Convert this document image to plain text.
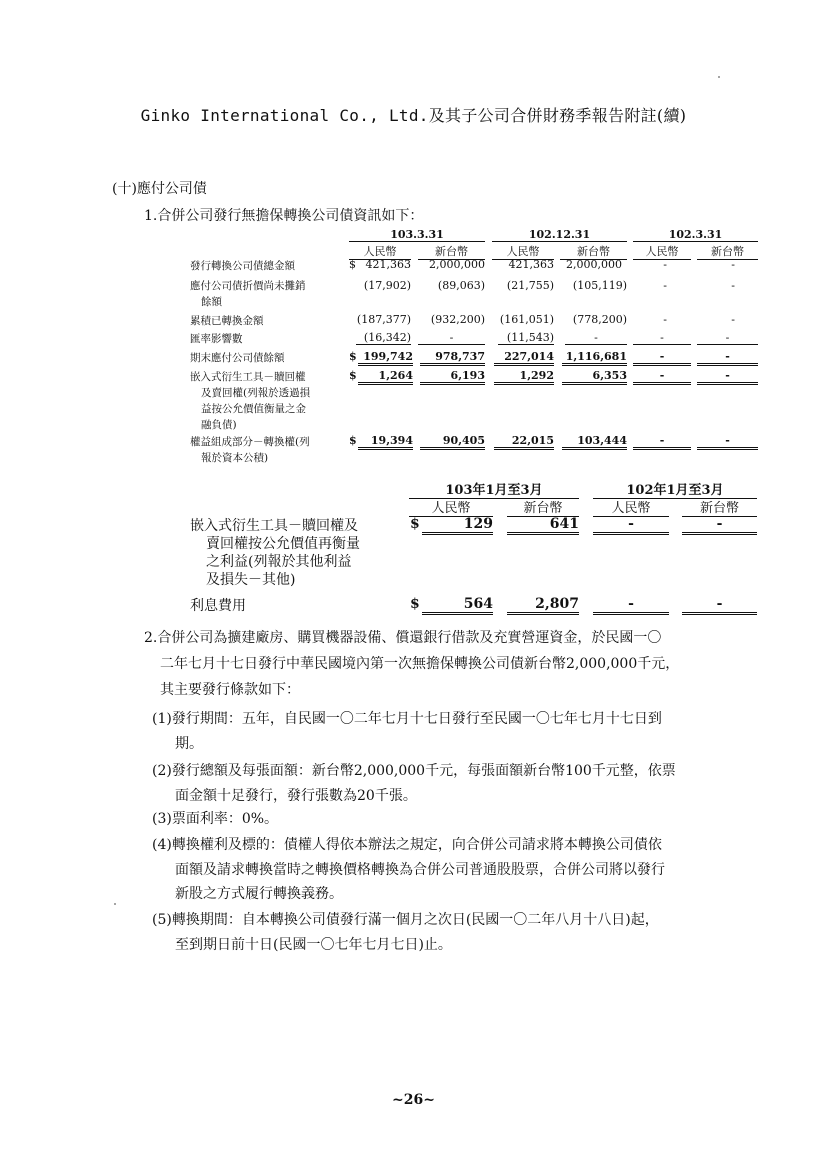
Ginko International Co., Ltd.及其子公司合併財務季報告附註(續)
(十)應付公司債
1.合併公司發行無擔保轉換公司債資訊如下：
103.3.31	102.12.31	102.3.31
人民幣	新台幣	人民幣	新台幣	人民幣	新台幣
發行轉換公司債總金額	$ 421,363	2,000,000	421,363	2,000,000	-	-
應付公司債折價尚未攤銷
餘額
(17,902)	(89,063)	(21,755)	(105,119)	-	-
累積已轉換金額	(187,377)	(932,200)	(161,051)	(778,200)	-	-
匯率影響數	(16,342)	-	(11,543)	-	-	-
期末應付公司債餘額	$ 199,742	978,737	227,014	1,116,681	-	-
嵌入式衍生工具－贖回權
及賣回權(列報於透過損
益按公允價值衡量之金
融負債)
$	1,264	6,193	1,292	6,353	-	-
權益組成部分－轉換權(列
報於資本公積)
$	19,394	90,405	22,015	103,444	-	-
103年1月至3月	102年1月至3月
人民幣	新台幣	人民幣	新台幣
嵌入式衍生工具－贖回權及
賣回權按公允價值再衡量
之利益(列報於其他利益
及損失－其他)
$	129	641	-	-
利息費用	$	564	2,807	-	-
2.合併公司為擴建廠房、購買機器設備、償還銀行借款及充實營運資金，於民國一〇
二年七月十七日發行中華民國境內第一次無擔保轉換公司債新台幣2,000,000千元，
其主要發行條款如下：
(1)發行期間：五年，自民國一〇二年七月十七日發行至民國一〇七年七月十七日到
期。
(2)發行總額及每張面額：新台幣2,000,000千元，每張面額新台幣100千元整，依票
面金額十足發行，發行張數為20千張。
(3)票面利率：0%。
(4)轉換權利及標的：債權人得依本辦法之規定，向合併公司請求將本轉換公司債依
面額及請求轉換當時之轉換價格轉換為合併公司普通股股票，合併公司將以發行
新股之方式履行轉換義務。
(5)轉換期間：自本轉換公司債發行滿一個月之次日(民國一〇二年八月十八日)起，
至到期日前十日(民國一〇七年七月七日)止。
~26~
